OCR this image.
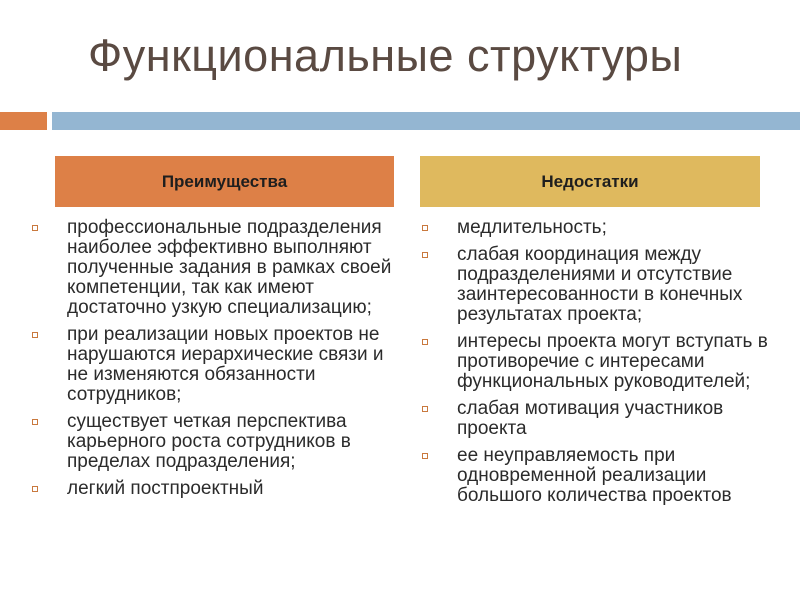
Функциональные структуры
Преимущества	Недостатки
профессиональные подразделения наиболее эффективно выполняют полученные задания в рамках своей компетенции, так как имеют достаточно узкую специализацию;
при реализации новых проектов не нарушаются иерархические связи и не изменяются обязанности сотрудников;
существует четкая перспектива карьерного роста сотрудников в пределах подразделения;
легкий постпроектный
медлительность;
слабая координация между подразделениями и отсутствие заинтересованности в конечных результатах проекта;
интересы проекта могут вступать в противоречие с интересами функциональных руководителей;
слабая мотивация участников проекта
ее неуправляемость при одновременной реализации большого количества проектов
